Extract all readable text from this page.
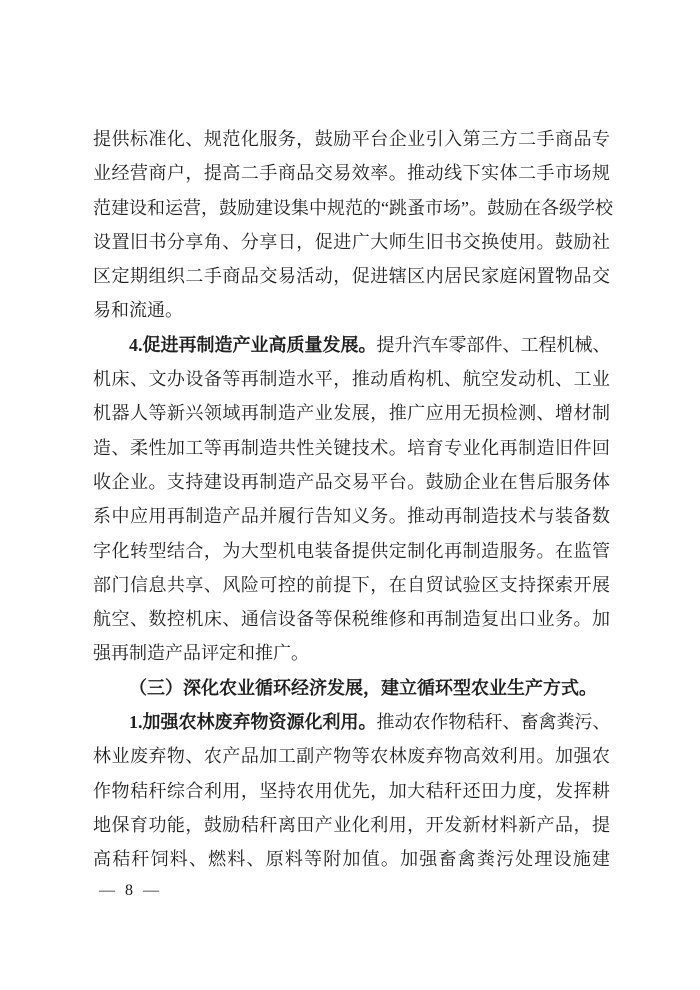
提供标准化、规范化服务，鼓励平台企业引入第三方二手商品专
业经营商户，提高二手商品交易效率。推动线下实体二手市场规
范建设和运营，鼓励建设集中规范的“跳蚤市场”。鼓励在各级学校
设置旧书分享角、分享日，促进广大师生旧书交换使用。鼓励社
区定期组织二手商品交易活动，促进辖区内居民家庭闲置物品交
易和流通。
4.促进再制造产业高质量发展。提升汽车零部件、工程机械、
机床、文办设备等再制造水平，推动盾构机、航空发动机、工业
机器人等新兴领域再制造产业发展，推广应用无损检测、增材制
造、柔性加工等再制造共性关键技术。培育专业化再制造旧件回
收企业。支持建设再制造产品交易平台。鼓励企业在售后服务体
系中应用再制造产品并履行告知义务。推动再制造技术与装备数
字化转型结合，为大型机电装备提供定制化再制造服务。在监管
部门信息共享、风险可控的前提下，在自贸试验区支持探索开展
航空、数控机床、通信设备等保税维修和再制造复出口业务。加
强再制造产品评定和推广。
（三）深化农业循环经济发展，建立循环型农业生产方式。
1.加强农林废弃物资源化利用。推动农作物秸秆、畜禽粪污、
林业废弃物、农产品加工副产物等农林废弃物高效利用。加强农
作物秸秆综合利用，坚持农用优先，加大秸秆还田力度，发挥耕
地保育功能，鼓励秸秆离田产业化利用，开发新材料新产品，提
高秸秆饲料、燃料、原料等附加值。加强畜禽粪污处理设施建
— 8 —
